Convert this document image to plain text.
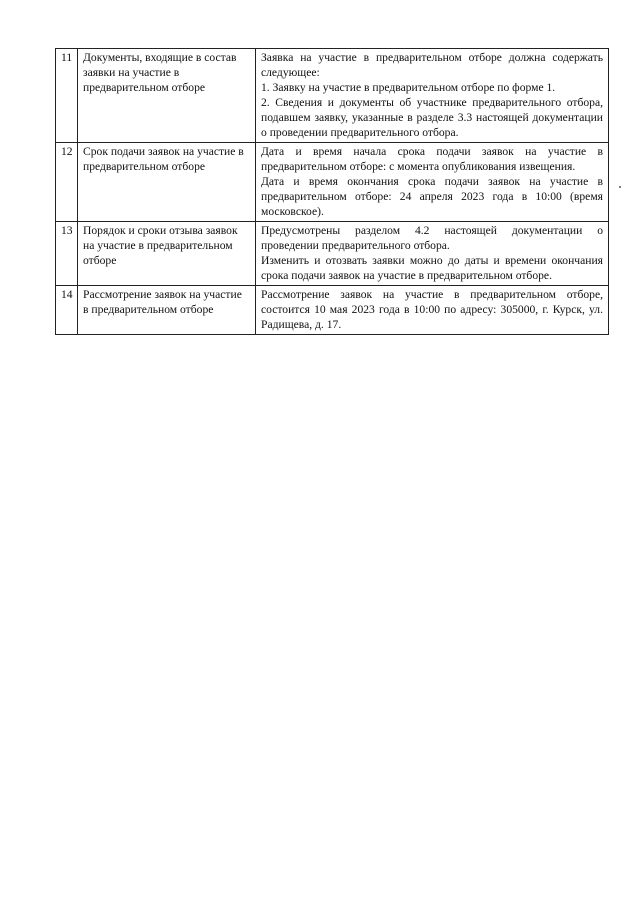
11	Документы, входящие в состав заявки на участие в предварительном отборе	Заявка на участие в предварительном отборе должна содержать следующее:

1. Заявку на участие в предварительном отборе по форме 1.

2. Сведения и документы об участнике предварительного отбора, подавшем заявку, указанные в разделе 3.3 настоящей документации о проведении предварительного отбора.

12	Срок подачи заявок на участие в предварительном отборе	Дата и время начала срока подачи заявок на участие в предварительном отборе: с момента опубликования извещения.

Дата и время окончания срока подачи заявок на участие в предварительном отборе: 24 апреля 2023 года в 10:00 (время московское).

13	Порядок и сроки отзыва заявок на участие в предварительном отборе	Предусмотрены разделом 4.2 настоящей документации о проведении предварительного отбора.

Изменить и отозвать заявки можно до даты и времени окончания срока подачи заявок на участие в предварительном отборе.

14	Рассмотрение заявок на участие в предварительном отборе	Рассмотрение заявок на участие в предварительном отборе, состоится 10 мая 2023 года в 10:00 по адресу: 305000, г. Курск, ул. Радищева, д. 17.
